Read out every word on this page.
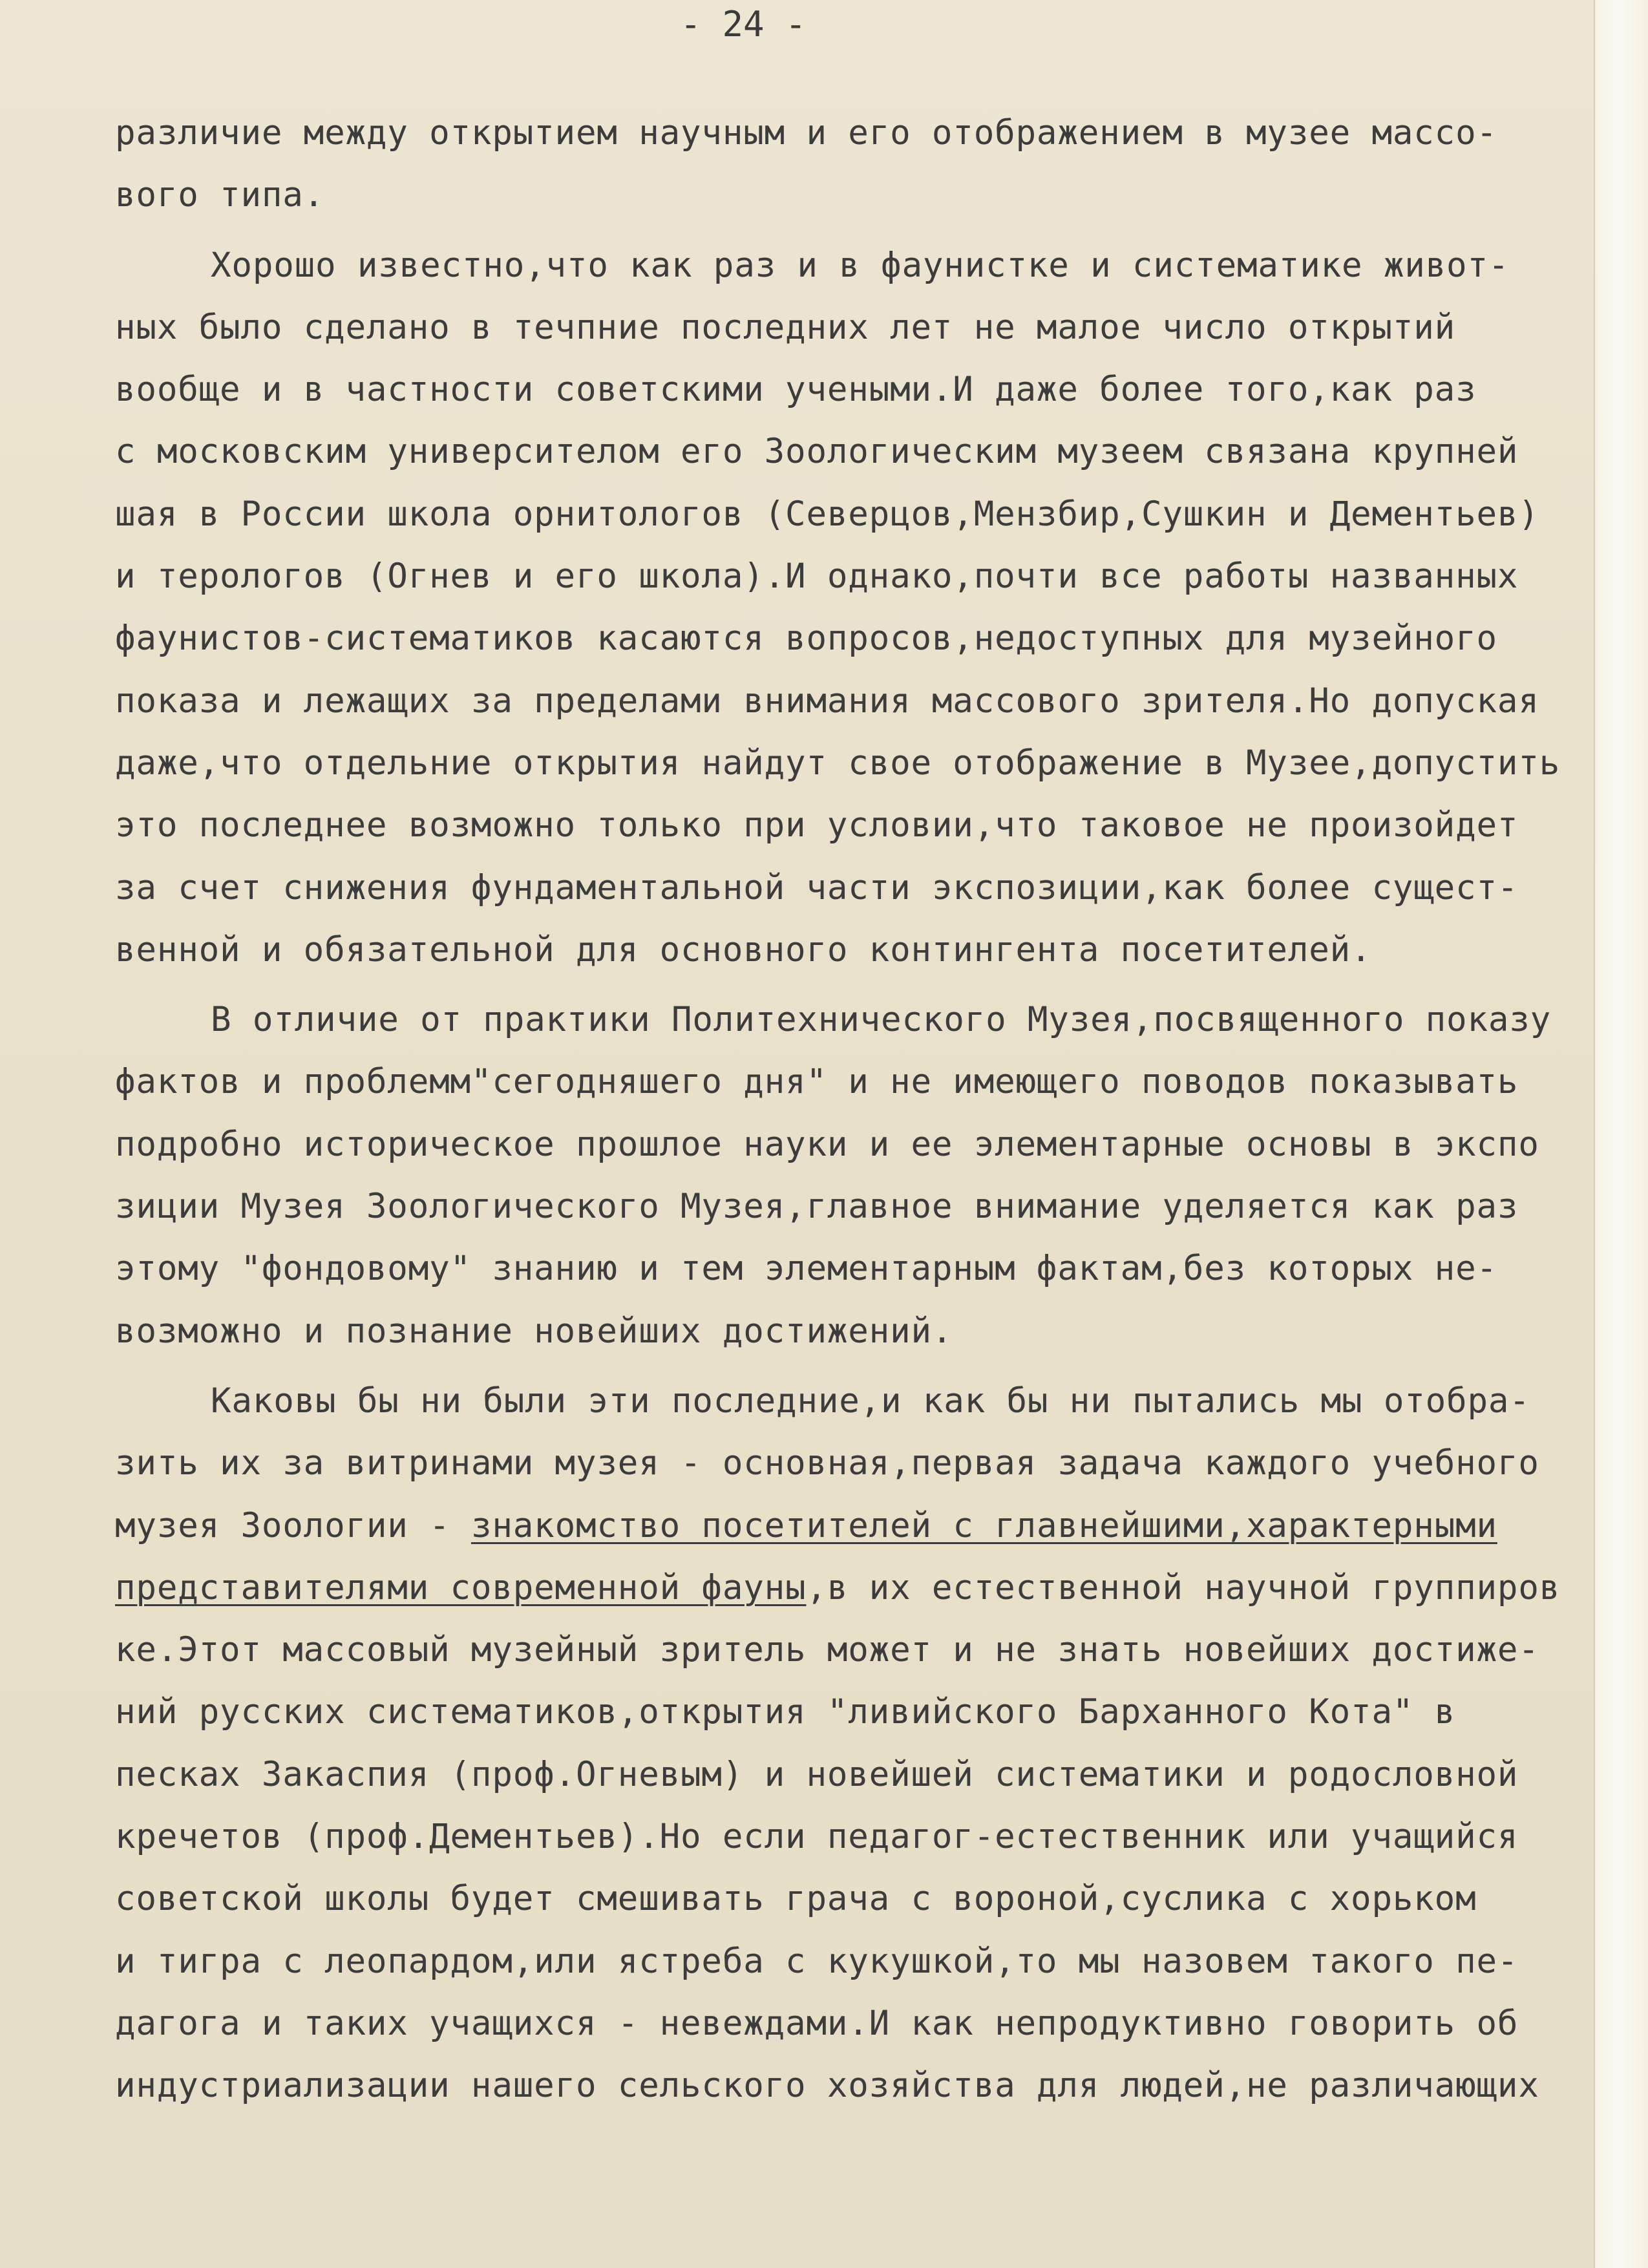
- 24 -

различие между открытием научным и его отображением в музее массо-
вого типа.
Хорошо известно,что как раз и в фаунистке и систематике живот-
ных было сделано в течпние последних лет не малое число открытий
вообще и в частности советскими учеными.И даже более того,как раз
с московским университелом его Зоологическим музеем связана крупней
шая в России школа орнитологов (Северцов,Мензбир,Сушкин и Дементьев)
и терологов (Огнев и его школа).И однако,почти все работы названных
фаунистов-систематиков касаются вопросов,недоступных для музейного
показа и лежащих за пределами внимания массового зрителя.Но допуская
даже,что отдельние открытия найдут свое отображение в Музее,допустить
это последнее возможно только при условии,что таковое не произойдет
за счет снижения фундаментальной части экспозиции,как более сущест-
венной и обязательной для основного контингента посетителей.
В отличие от практики Политехнического Музея,посвященного показу
фактов и проблемм"сегодняшего дня" и не имеющего поводов показывать
подробно историческое прошлое науки и ее элементарные основы в экспо
зиции Музея Зоологического Музея,главное внимание уделяется как раз
этому "фондовому" знанию и тем элементарным фактам,без которых не-
возможно и познание новейших достижений.
Каковы бы ни были эти последние,и как бы ни пытались мы отобра-
зить их за витринами музея - основная,первая задача каждого учебного
музея Зоологии - знакомство посетителей с главнейшими,характерными
представителями современной фауны,в их естественной научной группиров
ке.Этот массовый музейный зритель может и не знать новейших достиже-
ний русских систематиков,открытия "ливийского Барханного Кота" в
песках Закаспия (проф.Огневым) и новейшей систематики и родословной
кречетов (проф.Дементьев).Но если педагог-естественник или учащийся
советской школы будет смешивать грача с вороной,суслика с хорьком
и тигра с леопардом,или ястреба с кукушкой,то мы назовем такого пе-
дагога и таких учащихся - невеждами.И как непродуктивно говорить об
индустриализации нашего сельского хозяйства для людей,не различающих
